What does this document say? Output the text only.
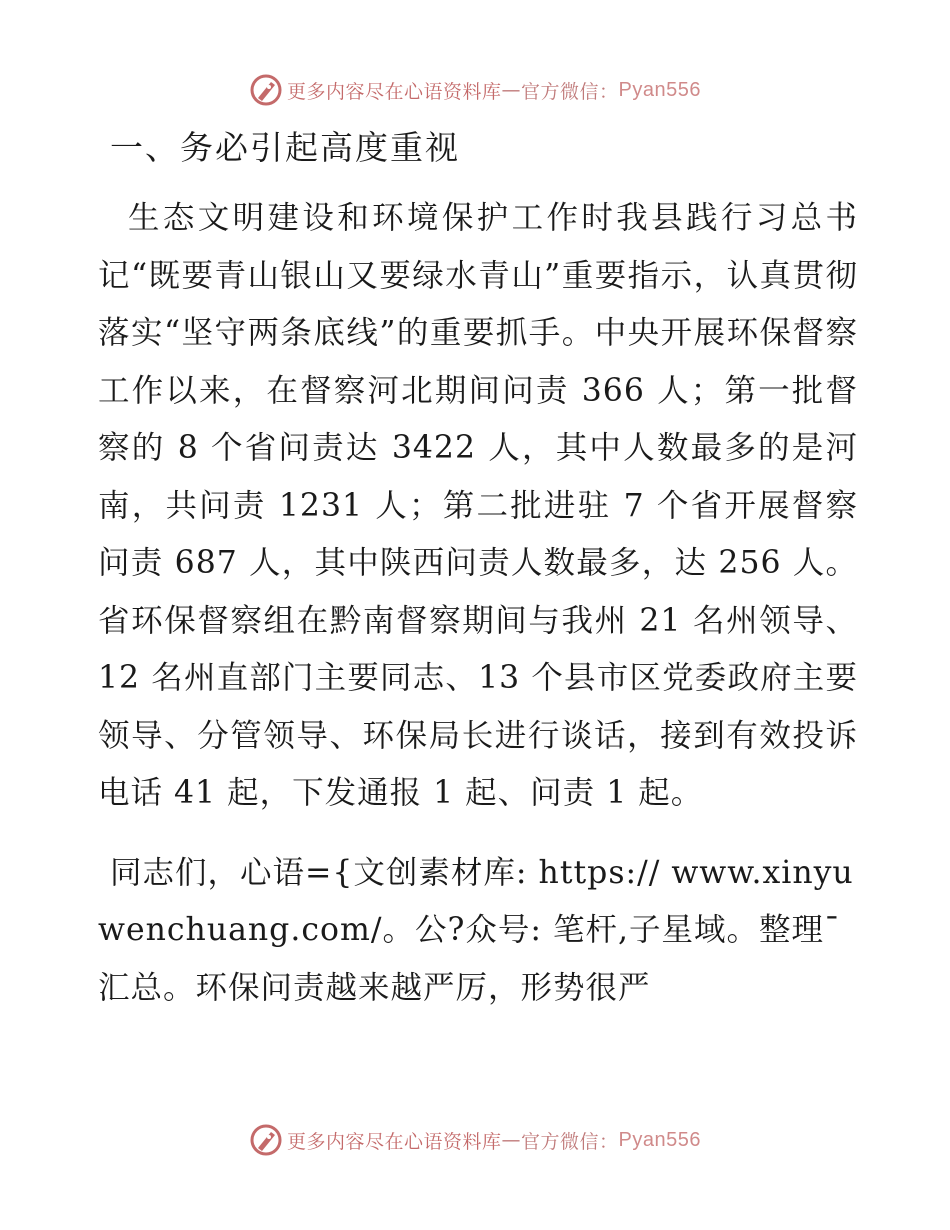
更多内容尽在心语资料库 — 官方微信： Pyan556
一、务必引起高度重视

生态文明建设和环境保护工作时我县践行习总书记“既要青山银山又要绿水青山”重要指示，认真贯彻落实“坚守两条底线”的重要抓手。中央开展环保督察工作以来，在督察河北期间问责 366 人；第一批督察的 8 个省问责达 3422 人，其中人数最多的是河南，共问责 1231 人；第二批进驻 7 个省开展督察问责 687 人，其中陕西问责人数最多，达 256 人。省环保督察组在黔南督察期间与我州 21 名州领导、12 名州直部门主要同志、13 个县市区党委政府主要领导、分管领导、环保局长进行谈话，接到有效投诉电话 41 起，下发通报 1 起、问责 1 起。

同志们，心语={文创素材库: https:// www.xinyuwenchuang.com/。公?众号: 笔杆,子星域。整理¯汇总。环保问责越来越严厉，形势很严

更多内容尽在心语资料库 — 官方微信： Pyan556
